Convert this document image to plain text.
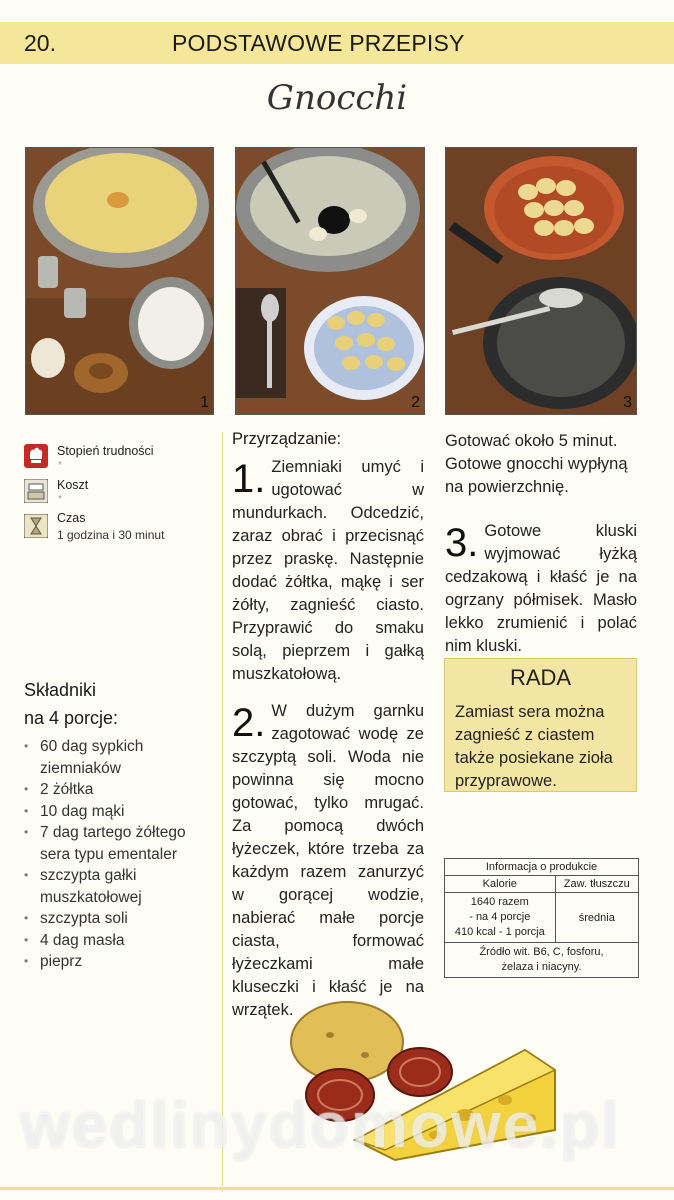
20.	PODSTAWOWE PRZEPISY
Gnocchi
1	2	3
Stopień trudności
*
Koszt
*
Czas
1 godzina i 30 minut
Składniki
na 4 porcje:
• 60 dag sypkich ziemniaków
• 2 żółtka
• 10 dag mąki
• 7 dag tartego żółtego sera typu ementaler
• szczypta gałki muszkatołowej
• szczypta soli
• 4 dag masła
• pieprz
Przyrządzanie:
1. Ziemniaki umyć i ugotować w mundurkach. Odcedzić, zaraz obrać i przecisnąć przez praskę. Następnie dodać żółtka, mąkę i ser żółty, zagnieść ciasto. Przyprawić do smaku solą, pieprzem i gałką muszkatołową.
2. W dużym garnku zagotować wodę ze szczyptą soli. Woda nie powinna się mocno gotować, tylko mrugać. Za pomocą dwóch łyżeczek, które trzeba za każdym razem zanurzyć w gorącej wodzie, nabierać małe porcje ciasta, formować łyżeczkami małe kluseczki i kłaść je na wrzątek.
Gotować około 5 minut. Gotowe gnocchi wypłyną na powierzchnię.
3. Gotowe kluski wyjmować łyżką cedzakową i kłaść je na ogrzany półmisek. Masło lekko zrumienić i polać nim kluski.
RADA
Zamiast sera można zagnieść z ciastem także posiekane zioła przyprawowe.
Informacja o produkcie	
Kalorie	Zaw. tłuszczu

1640 razem
- na 4 porcje
410 kcal - 1 porcja	średnia

Źródło wit. B6, C, fosforu,
żelaza i niacyny.	
wedlinydomowe.pl
